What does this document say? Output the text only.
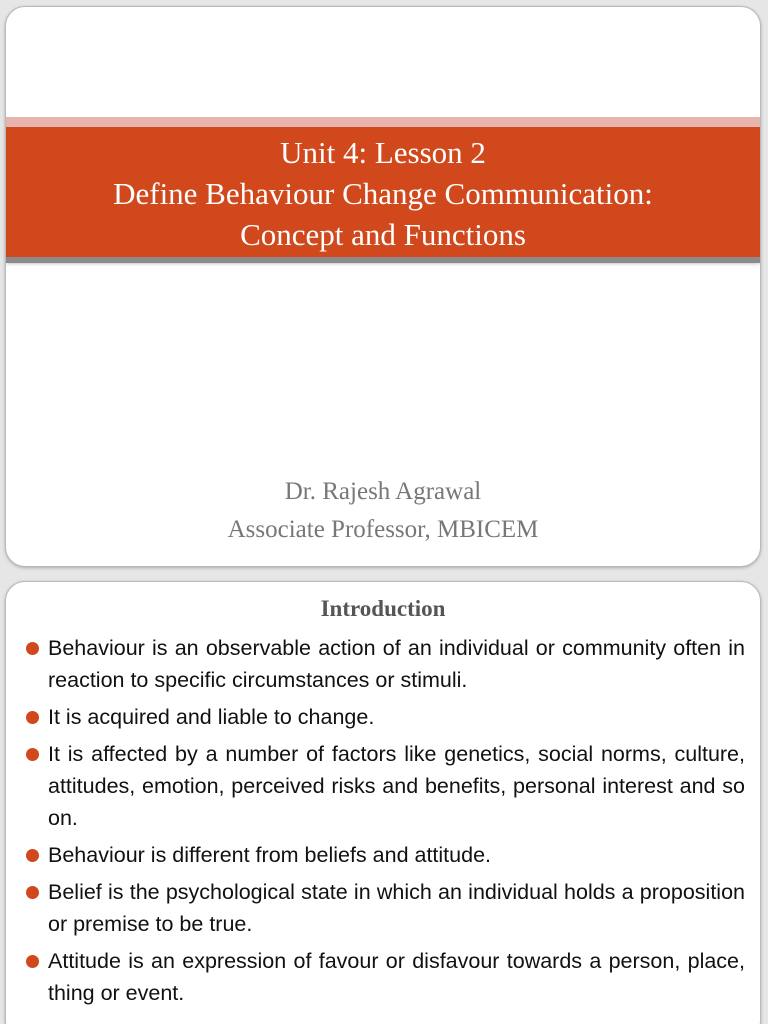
Unit 4: Lesson 2
Define Behaviour Change Communication:
Concept and Functions
Dr. Rajesh Agrawal
Associate Professor, MBICEM
Introduction
Behaviour is an observable action of an individual or community often in reaction to specific circumstances or stimuli.
It is acquired and liable to change.
It is affected by a number of factors like genetics, social norms, culture, attitudes, emotion, perceived risks and benefits, personal interest and so on.
Behaviour is different from beliefs and attitude.
Belief is the psychological state in which an individual holds a proposition or premise to be true.
Attitude is an expression of favour or disfavour towards a person, place, thing or event.
